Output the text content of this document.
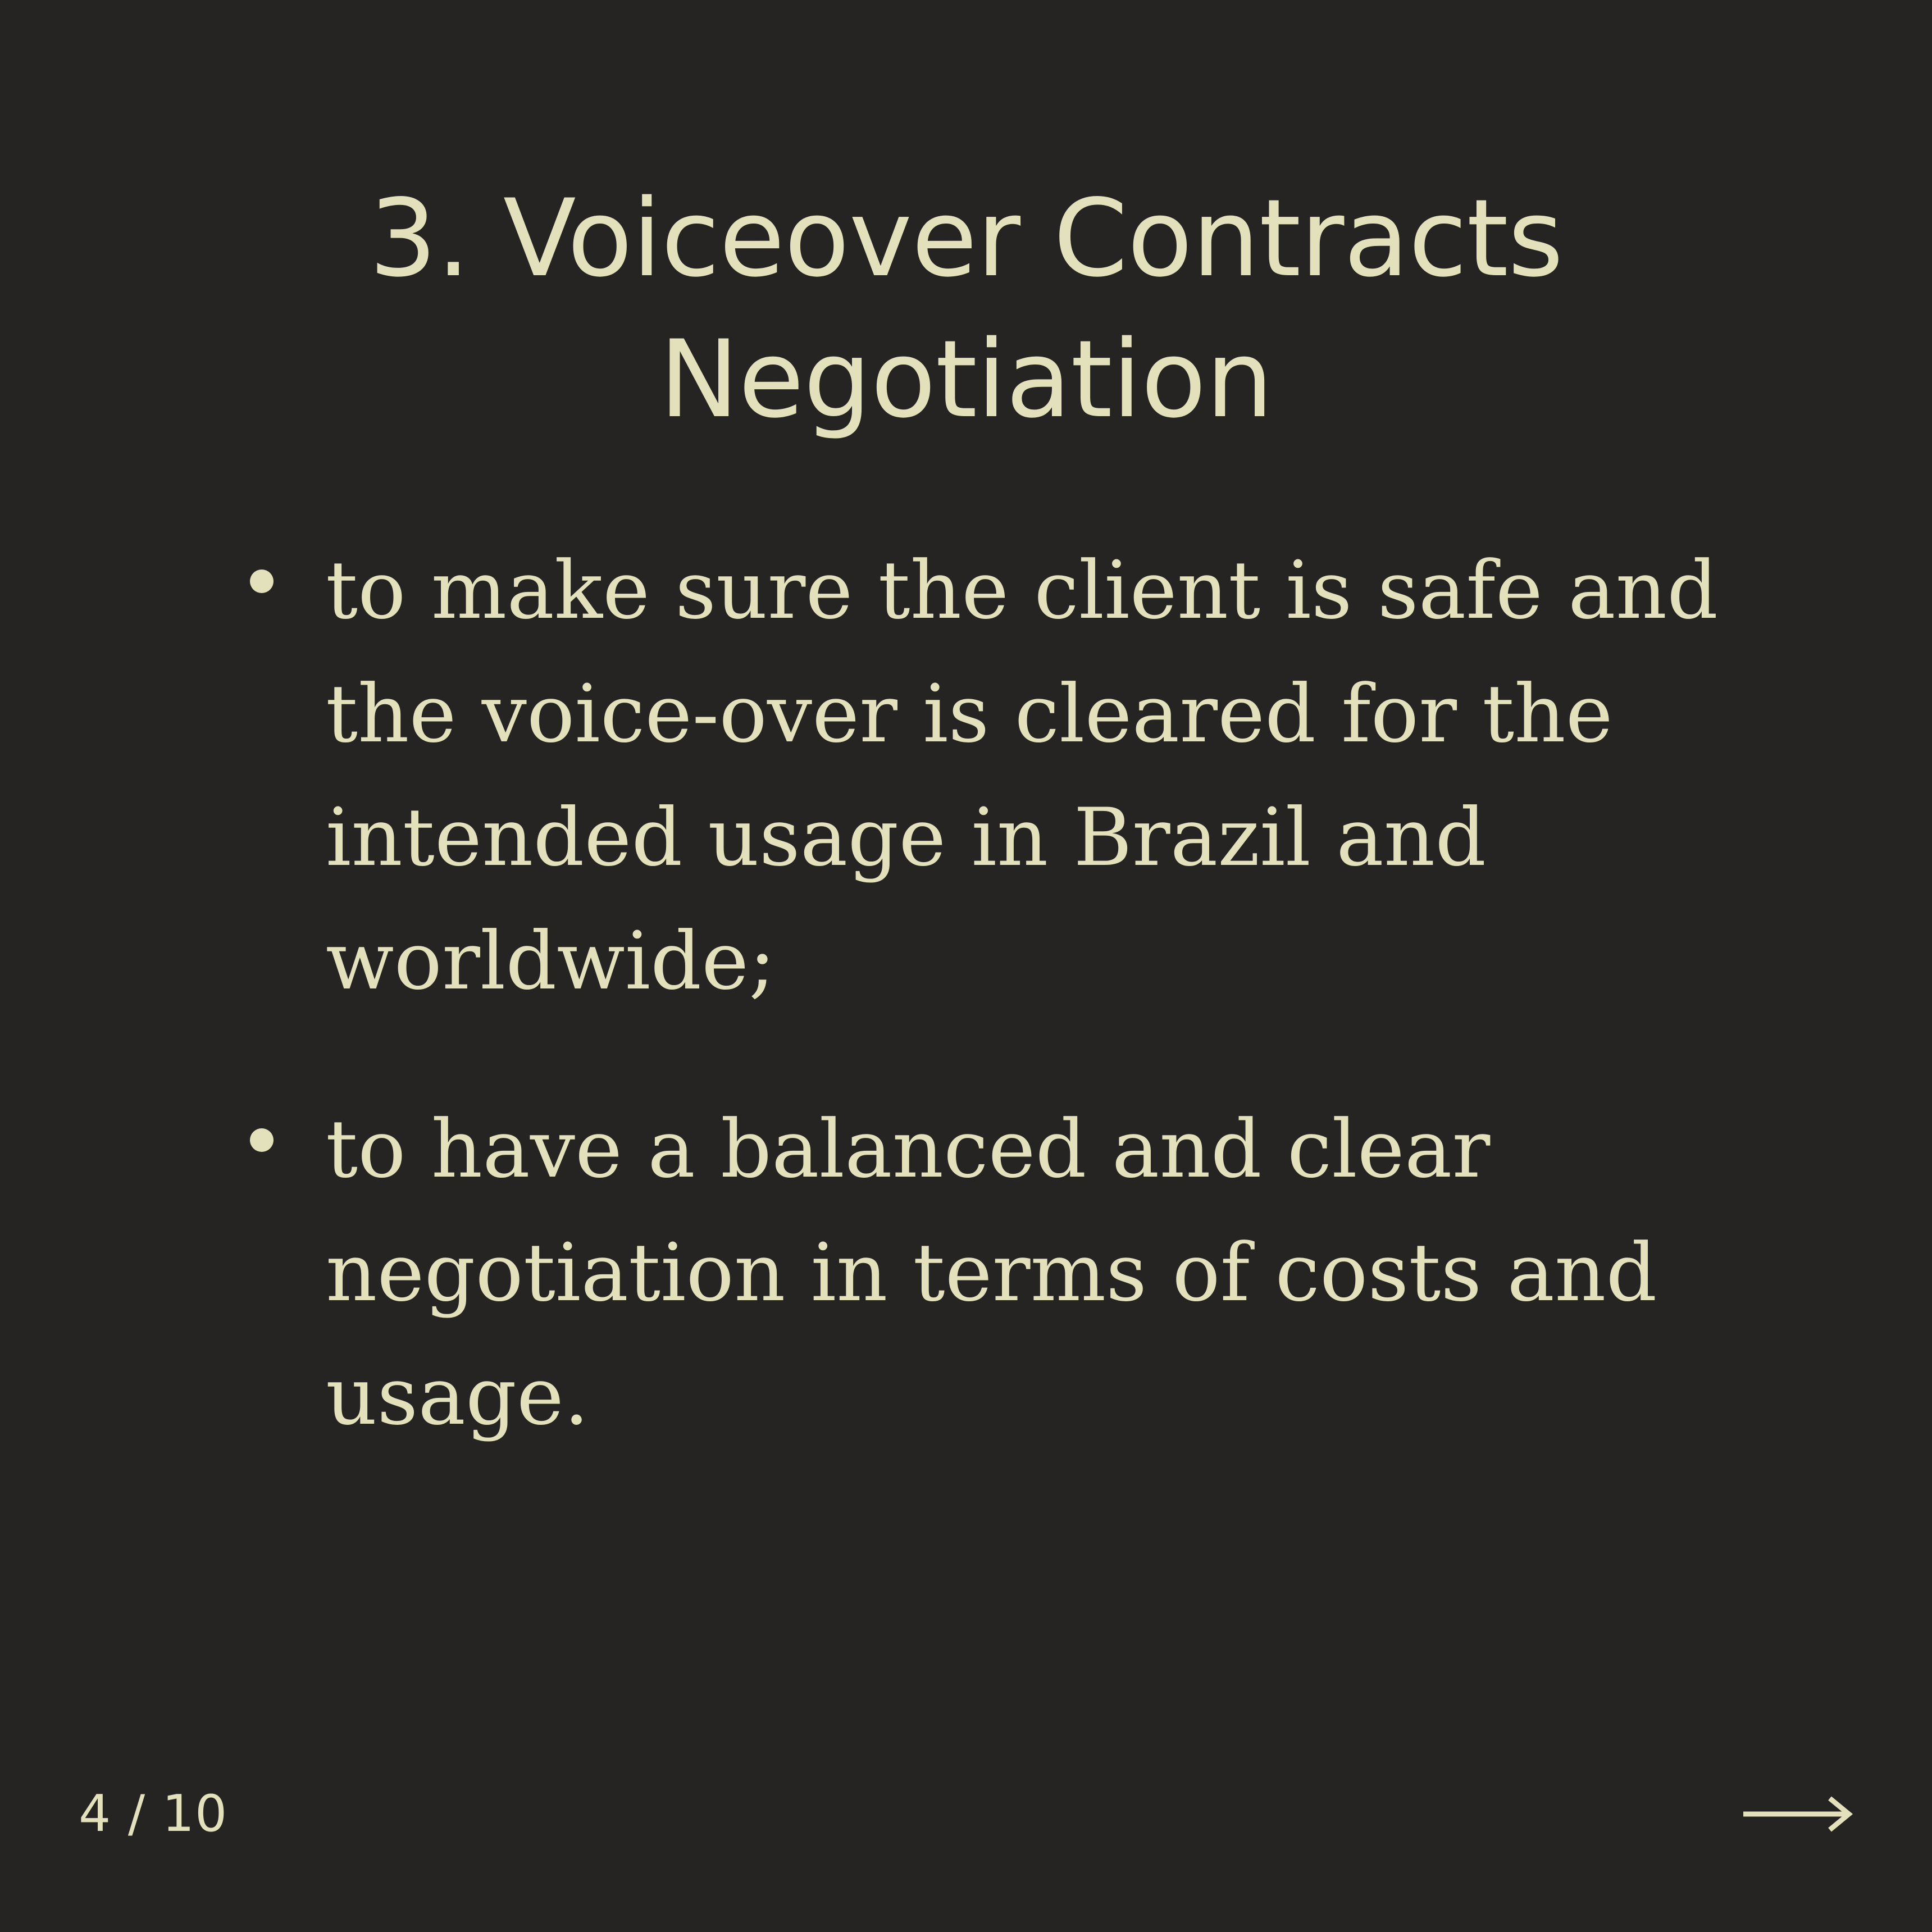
3. Voiceover Contracts Negotiation
to make sure the client is safe and the voice-over is cleared for the intended usage in Brazil and worldwide;
to have a balanced and clear negotiation in terms of costs and usage.
4 / 10
